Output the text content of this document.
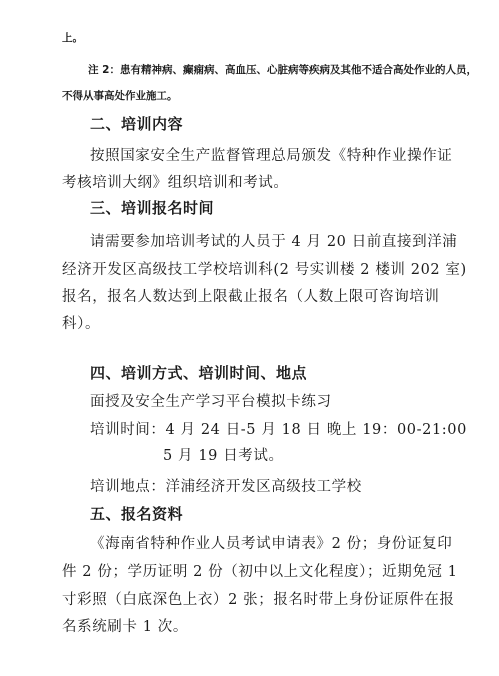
上。
注 2：患有精神病、癫痫病、高血压、心脏病等疾病及其他不适合高处作业的人员，
不得从事高处作业施工。
二、培训内容
按照国家安全生产监督管理总局颁发《特种作业操作证
考核培训大纲》组织培训和考试。
三、培训报名时间
请需要参加培训考试的人员于 4 月 20 日前直接到洋浦
经济开发区高级技工学校培训科(2 号实训楼 2 楼训 202 室)
报名，报名人数达到上限截止报名（人数上限可咨询培训
科）。
四、培训方式、培训时间、地点
面授及安全生产学习平台模拟卡练习
培训时间：4 月 24 日-5 月 18 日 晚上 19：00-21:00
5 月 19 日考试。
培训地点：洋浦经济开发区高级技工学校
五、报名资料
《海南省特种作业人员考试申请表》2 份；身份证复印
件 2 份；学历证明 2 份（初中以上文化程度）；近期免冠 1
寸彩照（白底深色上衣）2 张；报名时带上身份证原件在报
名系统刷卡 1 次。
